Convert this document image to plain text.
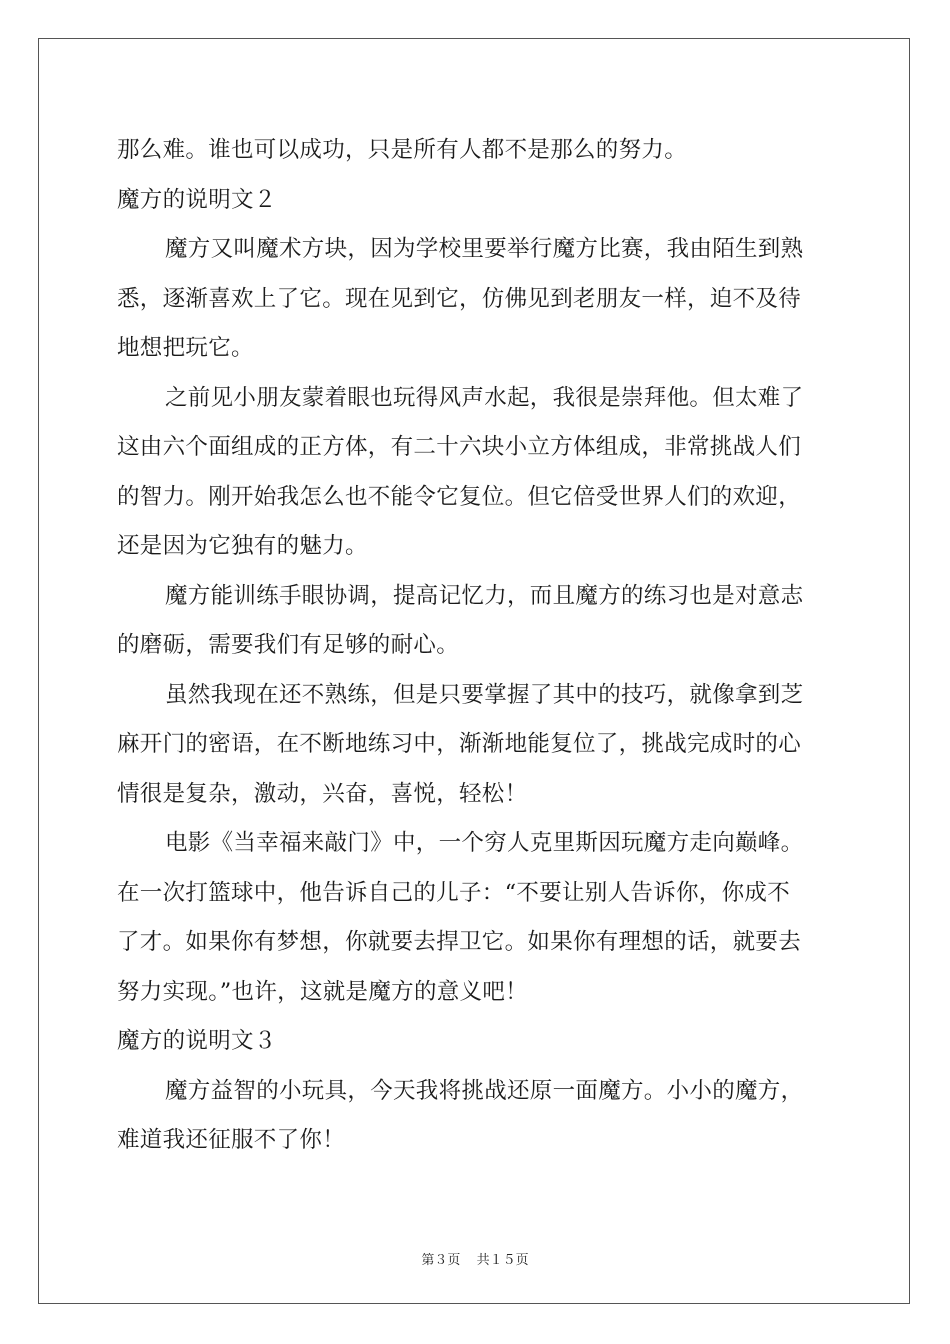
那么难。谁也可以成功，只是所有人都不是那么的努力。
魔方的说明文２
魔方又叫魔术方块，因为学校里要举行魔方比赛，我由陌生到熟
悉，逐渐喜欢上了它。现在见到它，仿佛见到老朋友一样，迫不及待
地想把玩它。
之前见小朋友蒙着眼也玩得风声水起，我很是崇拜他。但太难了
这由六个面组成的正方体，有二十六块小立方体组成，非常挑战人们
的智力。刚开始我怎么也不能令它复位。但它倍受世界人们的欢迎，
还是因为它独有的魅力。
魔方能训练手眼协调，提高记忆力，而且魔方的练习也是对意志
的磨砺，需要我们有足够的耐心。
虽然我现在还不熟练，但是只要掌握了其中的技巧，就像拿到芝
麻开门的密语，在不断地练习中，渐渐地能复位了，挑战完成时的心
情很是复杂，激动，兴奋，喜悦，轻松！
电影《当幸福来敲门》中，一个穷人克里斯因玩魔方走向巅峰。
在一次打篮球中，他告诉自己的儿子：“不要让别人告诉你，你成不
了才。如果你有梦想，你就要去捍卫它。如果你有理想的话，就要去
努力实现。”也许，这就是魔方的意义吧！
魔方的说明文３
魔方益智的小玩具，今天我将挑战还原一面魔方。小小的魔方，
难道我还征服不了你！
第３页 共１５页
